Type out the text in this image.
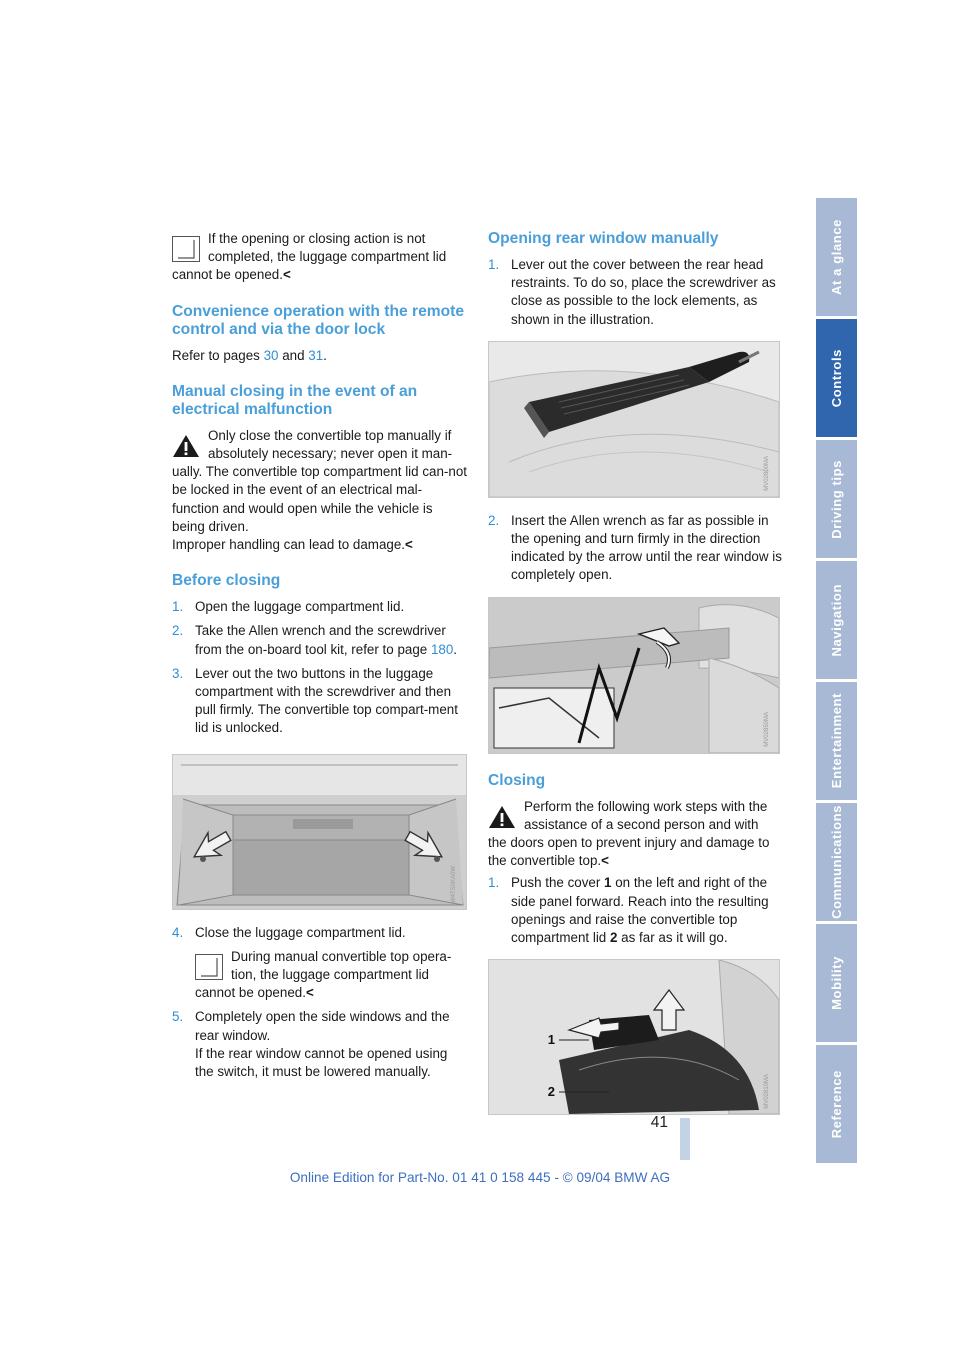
If the opening or closing action is not completed, the luggage compartment lid
cannot be opened.<
Convenience operation with the remote control and via the door lock

Refer to pages 30 and 31.

Manual closing in the event of an electrical malfunction
Only close the convertible top manually if absolutely necessary; never open it man-
ually. The convertible top compartment lid can-not be locked in the event of an electrical mal-function and would open while the vehicle is being driven.
Improper handling can lead to damage.<
Before closing
1. Open the luggage compartment lid.
2. Take the Allen wrench and the screwdriver from the on-board tool kit, refer to page 180.
3. Lever out the two buttons in the luggage compartment with the screwdriver and then pull firmly. The convertible top compart-ment lid is unlocked.
W4TS0KA0W
4. Close the luggage compartment lid.
During manual convertible top opera-tion, the luggage compartment lid
cannot be opened.<
5. Completely open the side windows and the rear window.
If the rear window cannot be opened using the switch, it must be lowered manually.
Opening rear window manually
1. Lever out the cover between the rear head restraints. To do so, place the screwdriver as close as possible to the lock elements, as shown in the illustration.
MV02800MA
2. Insert the Allen wrench as far as possible in the opening and turn firmly in the direction indicated by the arrow until the rear window is completely open.
MV02850MA
Closing
Perform the following work steps with the assistance of a second person and with
the doors open to prevent injury and damage to the convertible top.<
1. Push the cover 1 on the left and right of the side panel forward. Reach into the resulting openings and raise the convertible top compartment lid 2 as far as it will go.
1
2	MV02810MA
At a glance
Controls
Driving tips
Navigation
Entertainment
Communications
Mobility
Reference
41
Online Edition for Part-No. 01 41 0 158 445 - © 09/04 BMW AG
